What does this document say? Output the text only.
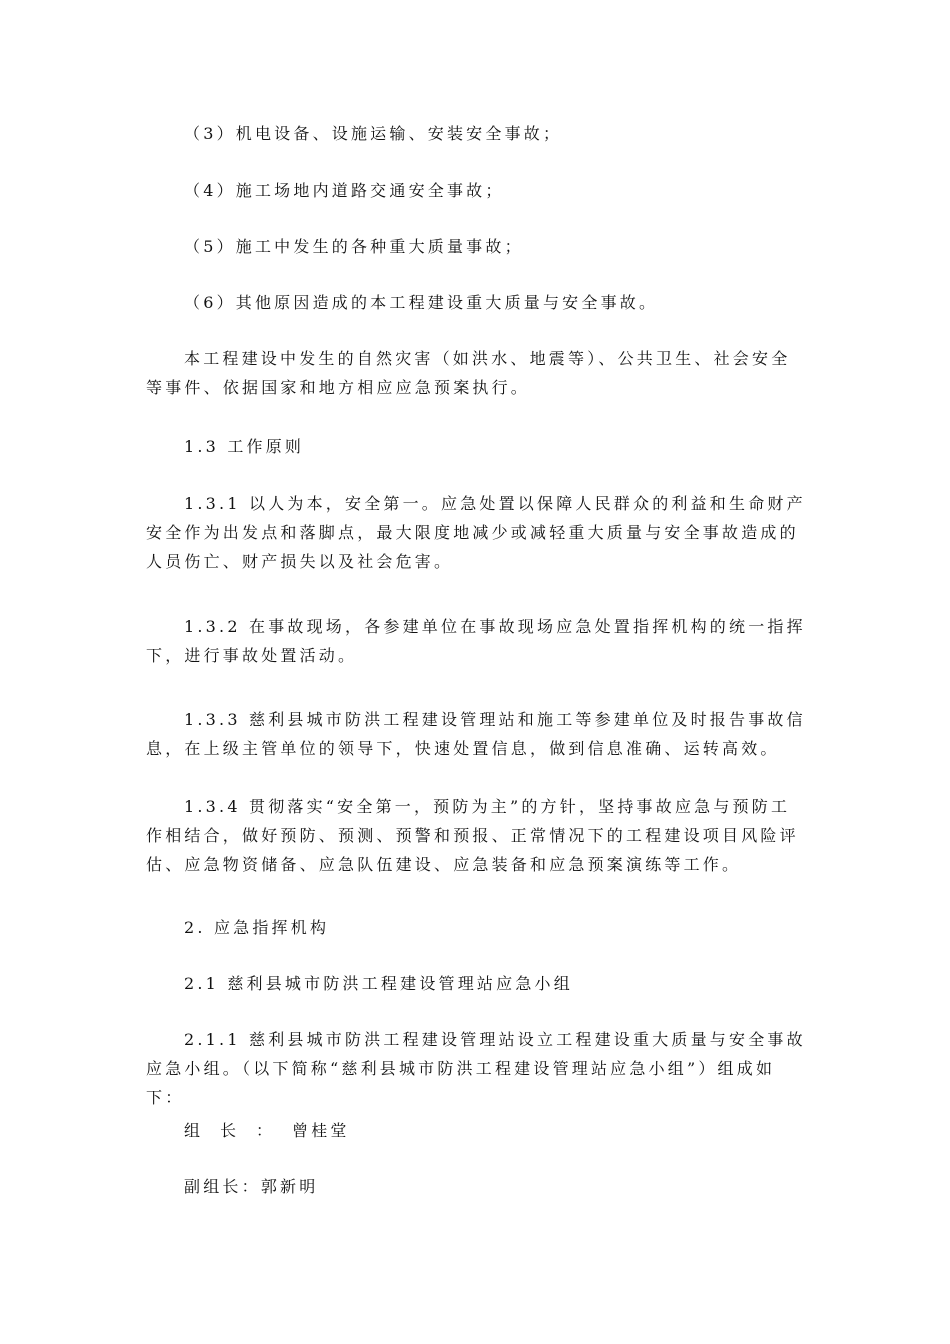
（3）机电设备、设施运输、安装安全事故；

（4）施工场地内道路交通安全事故；

（5）施工中发生的各种重大质量事故；

（6）其他原因造成的本工程建设重大质量与安全事故。

本工程建设中发生的自然灾害（如洪水、地震等）、公共卫生、社会安全等事件、依据国家和地方相应应急预案执行。

1.3 工作原则

1.3.1 以人为本，安全第一。应急处置以保障人民群众的利益和生命财产安全作为出发点和落脚点，最大限度地减少或减轻重大质量与安全事故造成的人员伤亡、财产损失以及社会危害。

1.3.2 在事故现场，各参建单位在事故现场应急处置指挥机构的统一指挥下，进行事故处置活动。

1.3.3 慈利县城市防洪工程建设管理站和施工等参建单位及时报告事故信息，在上级主管单位的领导下，快速处置信息，做到信息准确、运转高效。

1.3.4 贯彻落实“安全第一，预防为主”的方针，坚持事故应急与预防工作相结合，做好预防、预测、预警和预报、正常情况下的工程建设项目风险评估、应急物资储备、应急队伍建设、应急装备和应急预案演练等工作。

2. 应急指挥机构

2.1 慈利县城市防洪工程建设管理站应急小组

2.1.1 慈利县城市防洪工程建设管理站设立工程建设重大质量与安全事故应急小组。（以下简称“慈利县城市防洪工程建设管理站应急小组”）组成如下：

组长：曾桂堂
副组长：郭新明
